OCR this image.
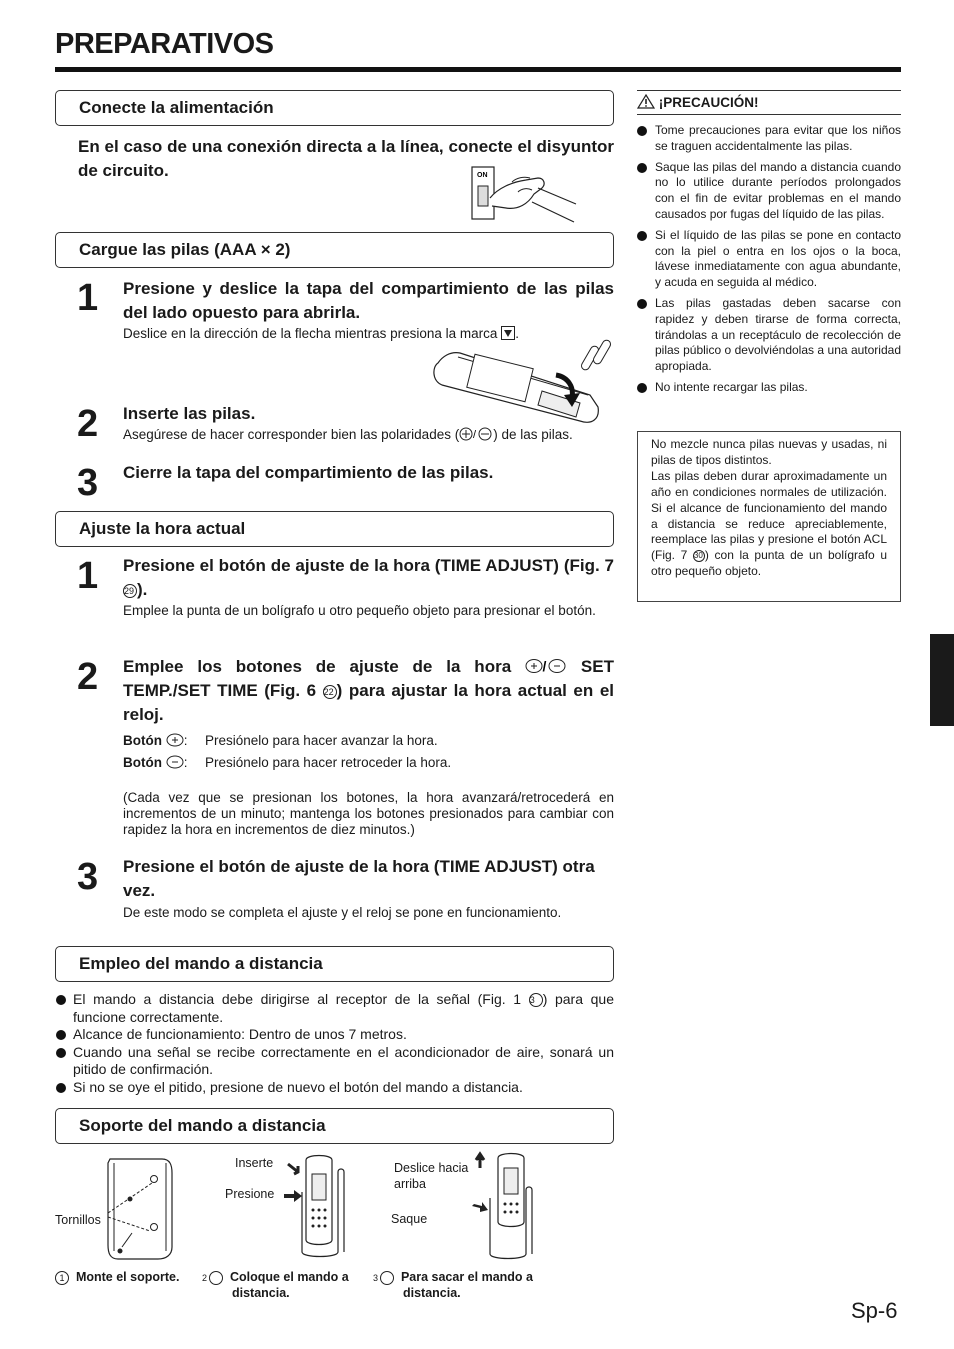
PREPARATIVOS
Conecte la alimentación
En el caso de una conexión directa a la línea, conecte el disyuntor de circuito.	ON
Cargue las pilas (AAA × 2)
1 Presione y deslice la tapa del compartimiento de las pilas del lado opuesto para abrirla.
Deslice en la dirección de la flecha mientras presiona la marca .
2 Inserte las pilas.
Asegúrese de hacer corresponder bien las polaridades ( / ) de las pilas.
3 Cierre la tapa del compartimiento de las pilas.
Ajuste la hora actual
1 Presione el botón de ajuste de la hora (TIME ADJUST) (Fig. 7 29 ).
Emplee la punta de un bolígrafo u otro pequeño objeto para presionar el botón.
2 Emplee los botones de ajuste de la hora / SET TEMP./SET TIME (Fig. 6 22 ) para ajustar la hora actual en el reloj.
Botón : Presiónelo para hacer avanzar la hora.
Botón : Presiónelo para hacer retroceder la hora.
(Cada vez que se presionan los botones, la hora avanzará/retrocederá en incrementos de un minuto; mantenga los botones presionados para cambiar con rapidez la hora en incrementos de diez minutos.)
3 Presione el botón de ajuste de la hora (TIME ADJUST) otra vez.
De este modo se completa el ajuste y el reloj se pone en funcionamiento.
Empleo del mando a distancia
El mando a distancia debe dirigirse al receptor de la señal (Fig. 1 3 ) para que funcione correctamente.
Alcance de funcionamiento: Dentro de unos 7 metros.
Cuando una señal se recibe correctamente en el acondicionador de aire, sonará un pitido de confirmación.
Si no se oye el pitido, presione de nuevo el botón del mando a distancia.
Soporte del mando a distancia
Tornillos
Inserte
Presione
Deslice hacia arriba
Saque
1 Monte el soporte.	2 Coloque el mando a distancia.
3 Para sacar el mando a distancia.
¡PRECAUCIÓN!
Tome precauciones para evitar que los niños se traguen accidentalmente las pilas.
Saque las pilas del mando a distancia cuando no lo utilice durante períodos prolongados con el fin de evitar problemas en el mando causados por fugas del líquido de las pilas.
Si el líquido de las pilas se pone en contacto con la piel o entra en los ojos o la boca, lávese inmediatamente con agua abundante, y acuda en seguida al médico.
Las pilas gastadas deben sacarse con rapidez y deben tirarse de forma correcta, tirándolas a un receptáculo de recolección de pilas público o devolviéndolas a una autoridad apropiada.
No intente recargar las pilas.
No mezcle nunca pilas nuevas y usadas, ni pilas de tipos distintos.
Las pilas deben durar aproximadamente un año en condiciones normales de utilización. Si el alcance de funcionamiento del mando a distancia se reduce apreciablemente, reemplace las pilas y presione el botón ACL (Fig. 7 30 ) con la punta de un bolígrafo u otro pequeño objeto.
Sp-6
